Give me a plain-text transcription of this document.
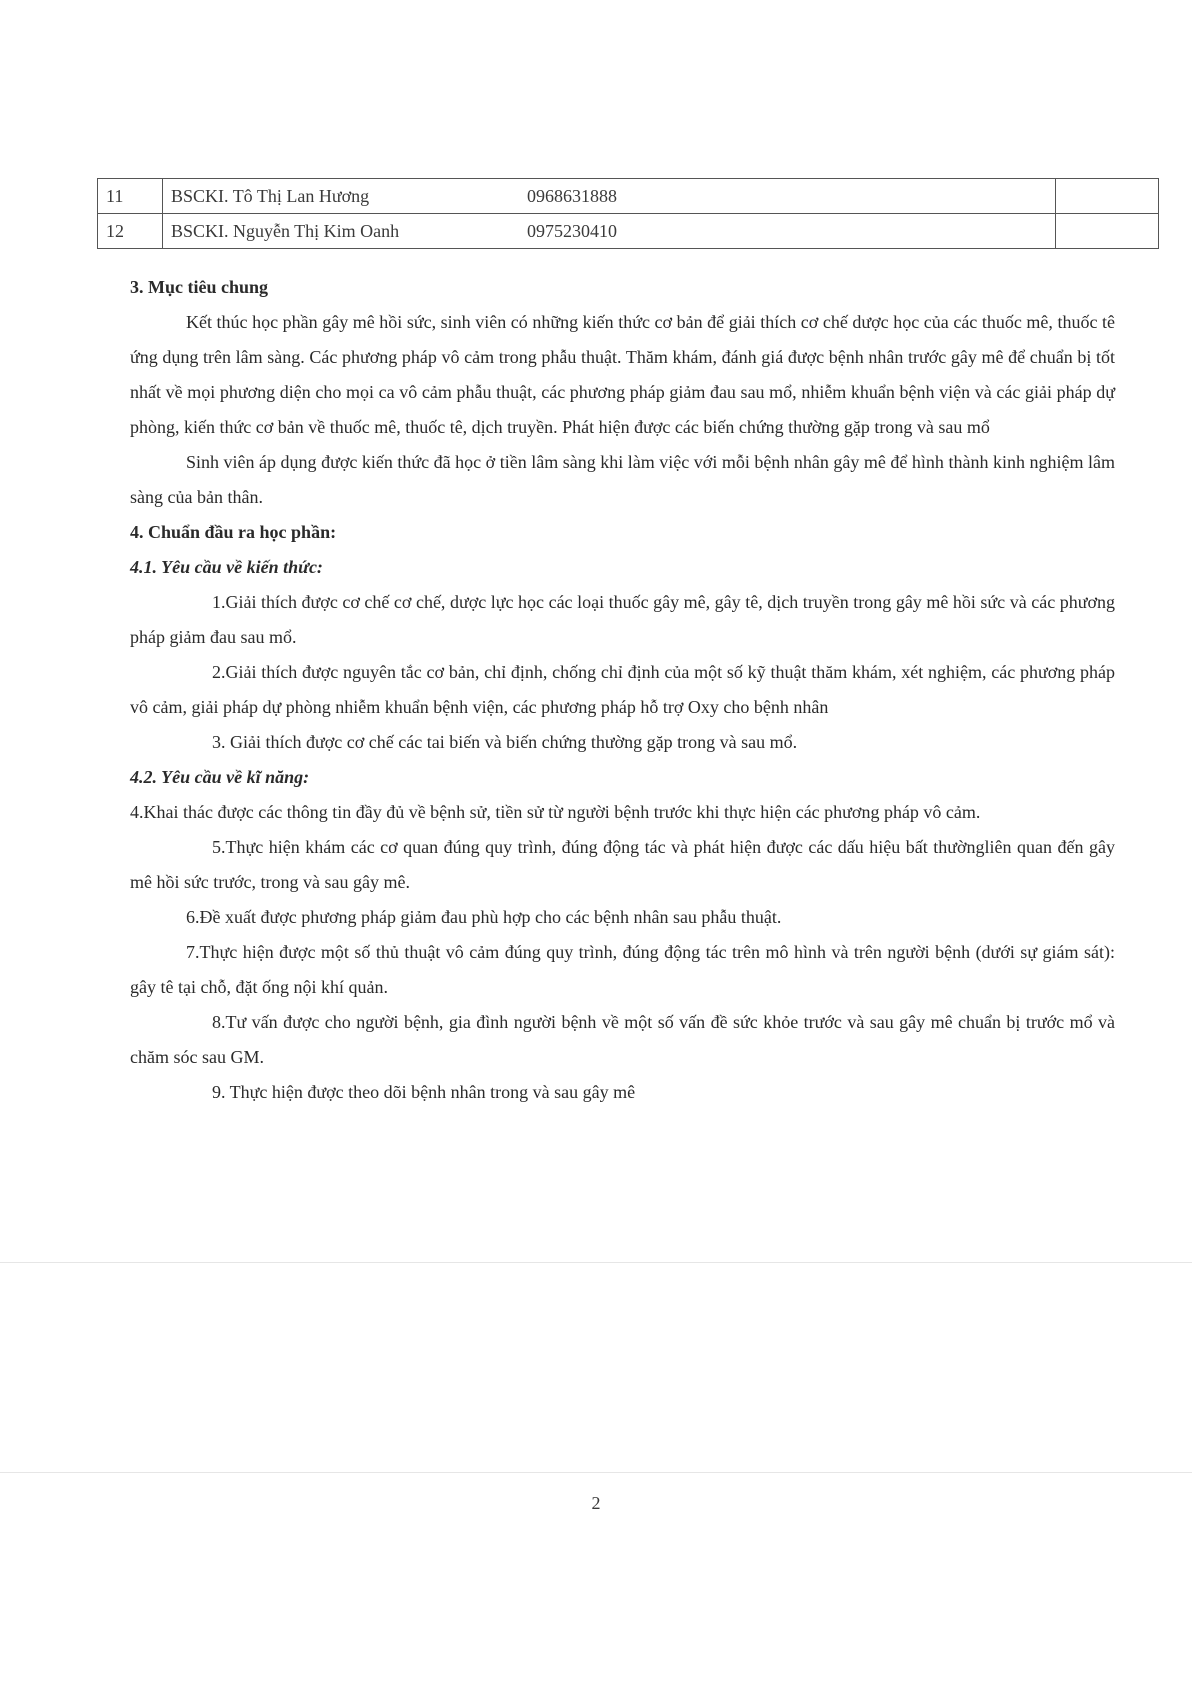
11	BSCKI. Tô Thị Lan Hương	0968631888	
12	BSCKI. Nguyễn Thị Kim Oanh	0975230410	

3. Mục tiêu chung

Kết thúc học phần gây mê hồi sức, sinh viên có những kiến thức cơ bản để giải thích cơ chế dược học của các thuốc mê, thuốc tê ứng dụng trên lâm sàng. Các phương pháp vô cảm trong phẫu thuật. Thăm khám, đánh giá được bệnh nhân trước gây mê để chuẩn bị tốt nhất về mọi phương diện cho mọi ca vô cảm phẫu thuật, các phương pháp giảm đau sau mổ, nhiễm khuẩn bệnh viện và các giải pháp dự phòng, kiến thức cơ bản về thuốc mê, thuốc tê, dịch truyền. Phát hiện được các biến chứng thường gặp trong và sau mổ

Sinh viên áp dụng được kiến thức đã học ở tiền lâm sàng khi làm việc với mỗi bệnh nhân gây mê để hình thành kinh nghiệm lâm sàng của bản thân.

4. Chuẩn đầu ra học phần:

4.1. Yêu cầu về kiến thức:

1.Giải thích được cơ chế cơ chế, dược lực học các loại thuốc gây mê, gây tê, dịch truyền trong gây mê hồi sức và các phương pháp giảm đau sau mổ.

2.Giải thích được nguyên tắc cơ bản, chỉ định, chống chỉ định của một số kỹ thuật thăm khám, xét nghiệm, các phương pháp vô cảm, giải pháp dự phòng nhiễm khuẩn bệnh viện, các phương pháp hỗ trợ Oxy cho bệnh nhân

3. Giải thích được cơ chế các tai biến và biến chứng thường gặp trong và sau mổ.

4.2. Yêu cầu về kĩ năng:

4.Khai thác được các thông tin đầy đủ về bệnh sử, tiền sử từ người bệnh trước khi thực hiện các phương pháp vô cảm.

5.Thực hiện khám các cơ quan đúng quy trình, đúng động tác và phát hiện được các dấu hiệu bất thườngliên quan đến gây mê hồi sức trước, trong và sau gây mê.

6.Đề xuất được phương pháp giảm đau phù hợp cho các bệnh nhân sau phẫu thuật.

7.Thực hiện được một số thủ thuật vô cảm đúng quy trình, đúng động tác trên mô hình và trên người bệnh (dưới sự giám sát): gây tê tại chỗ, đặt ống nội khí quản.

8.Tư vấn được cho người bệnh, gia đình người bệnh về một số vấn đề sức khỏe trước và sau gây mê chuẩn bị trước mổ và chăm sóc sau GM.

9. Thực hiện được theo dõi bệnh nhân trong và sau gây mê

2
